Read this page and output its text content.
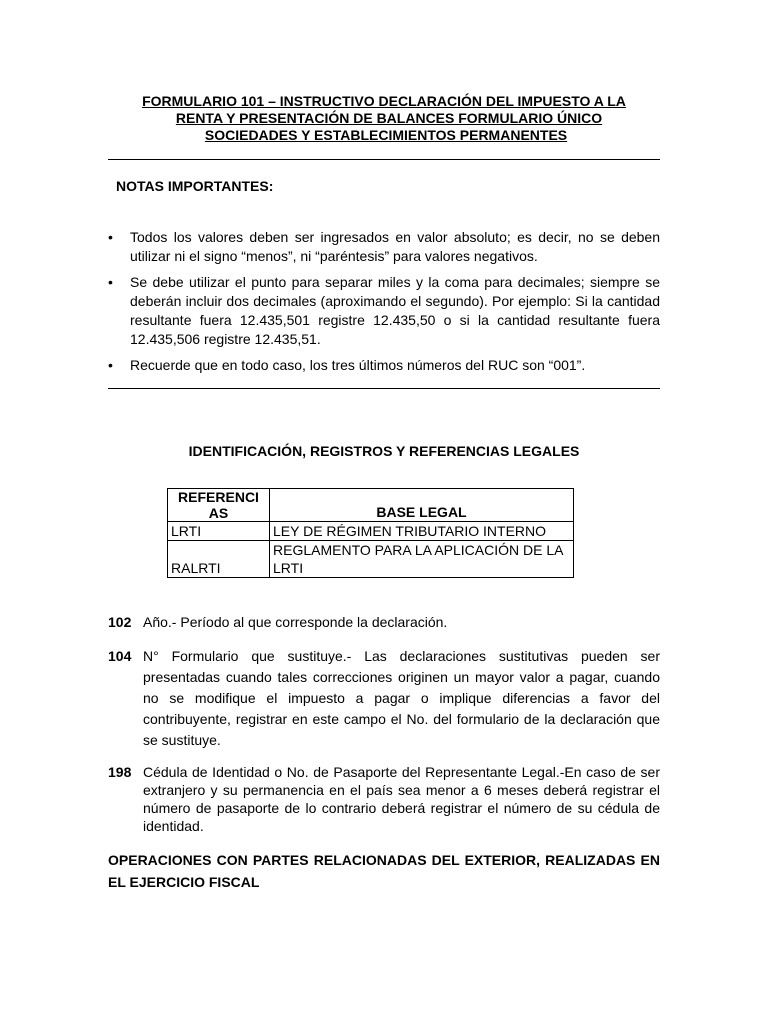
FORMULARIO 101 – INSTRUCTIVO DECLARACIÓN DEL IMPUESTO A LA
RENTA Y PRESENTACIÓN DE BALANCES FORMULARIO ÚNICO
SOCIEDADES Y ESTABLECIMIENTOS PERMANENTES
NOTAS IMPORTANTES:
• Todos los valores deben ser ingresados en valor absoluto; es decir, no se deben utilizar ni el signo “menos”, ni “paréntesis” para valores negativos.
• Se debe utilizar el punto para separar miles y la coma para decimales; siempre se deberán incluir dos decimales (aproximando el segundo). Por ejemplo: Si la cantidad resultante fuera 12.435,501 registre 12.435,50 o si la cantidad resultante fuera 12.435,506 registre 12.435,51.
• Recuerde que en todo caso, los tres últimos números del RUC son “001”.
IDENTIFICACIÓN, REGISTROS Y REFERENCIAS LEGALES
REFERENCIAS	BASE LEGAL
LRTI	LEY DE RÉGIMEN TRIBUTARIO INTERNO
RALRTI	REGLAMENTO PARA LA APLICACIÓN DE LA LRTI
102 Año.- Período al que corresponde la declaración.
104 N° Formulario que sustituye.- Las declaraciones sustitutivas pueden ser presentadas cuando tales correcciones originen un mayor valor a pagar, cuando no se modifique el impuesto a pagar o implique diferencias a favor del contribuyente, registrar en este campo el No. del formulario de la declaración que se sustituye.
198 Cédula de Identidad o No. de Pasaporte del Representante Legal.-En caso de ser extranjero y su permanencia en el país sea menor a 6 meses deberá registrar el número de pasaporte de lo contrario deberá registrar el número de su cédula de identidad.
OPERACIONES CON PARTES RELACIONADAS DEL EXTERIOR, REALIZADAS EN EL EJERCICIO FISCAL
